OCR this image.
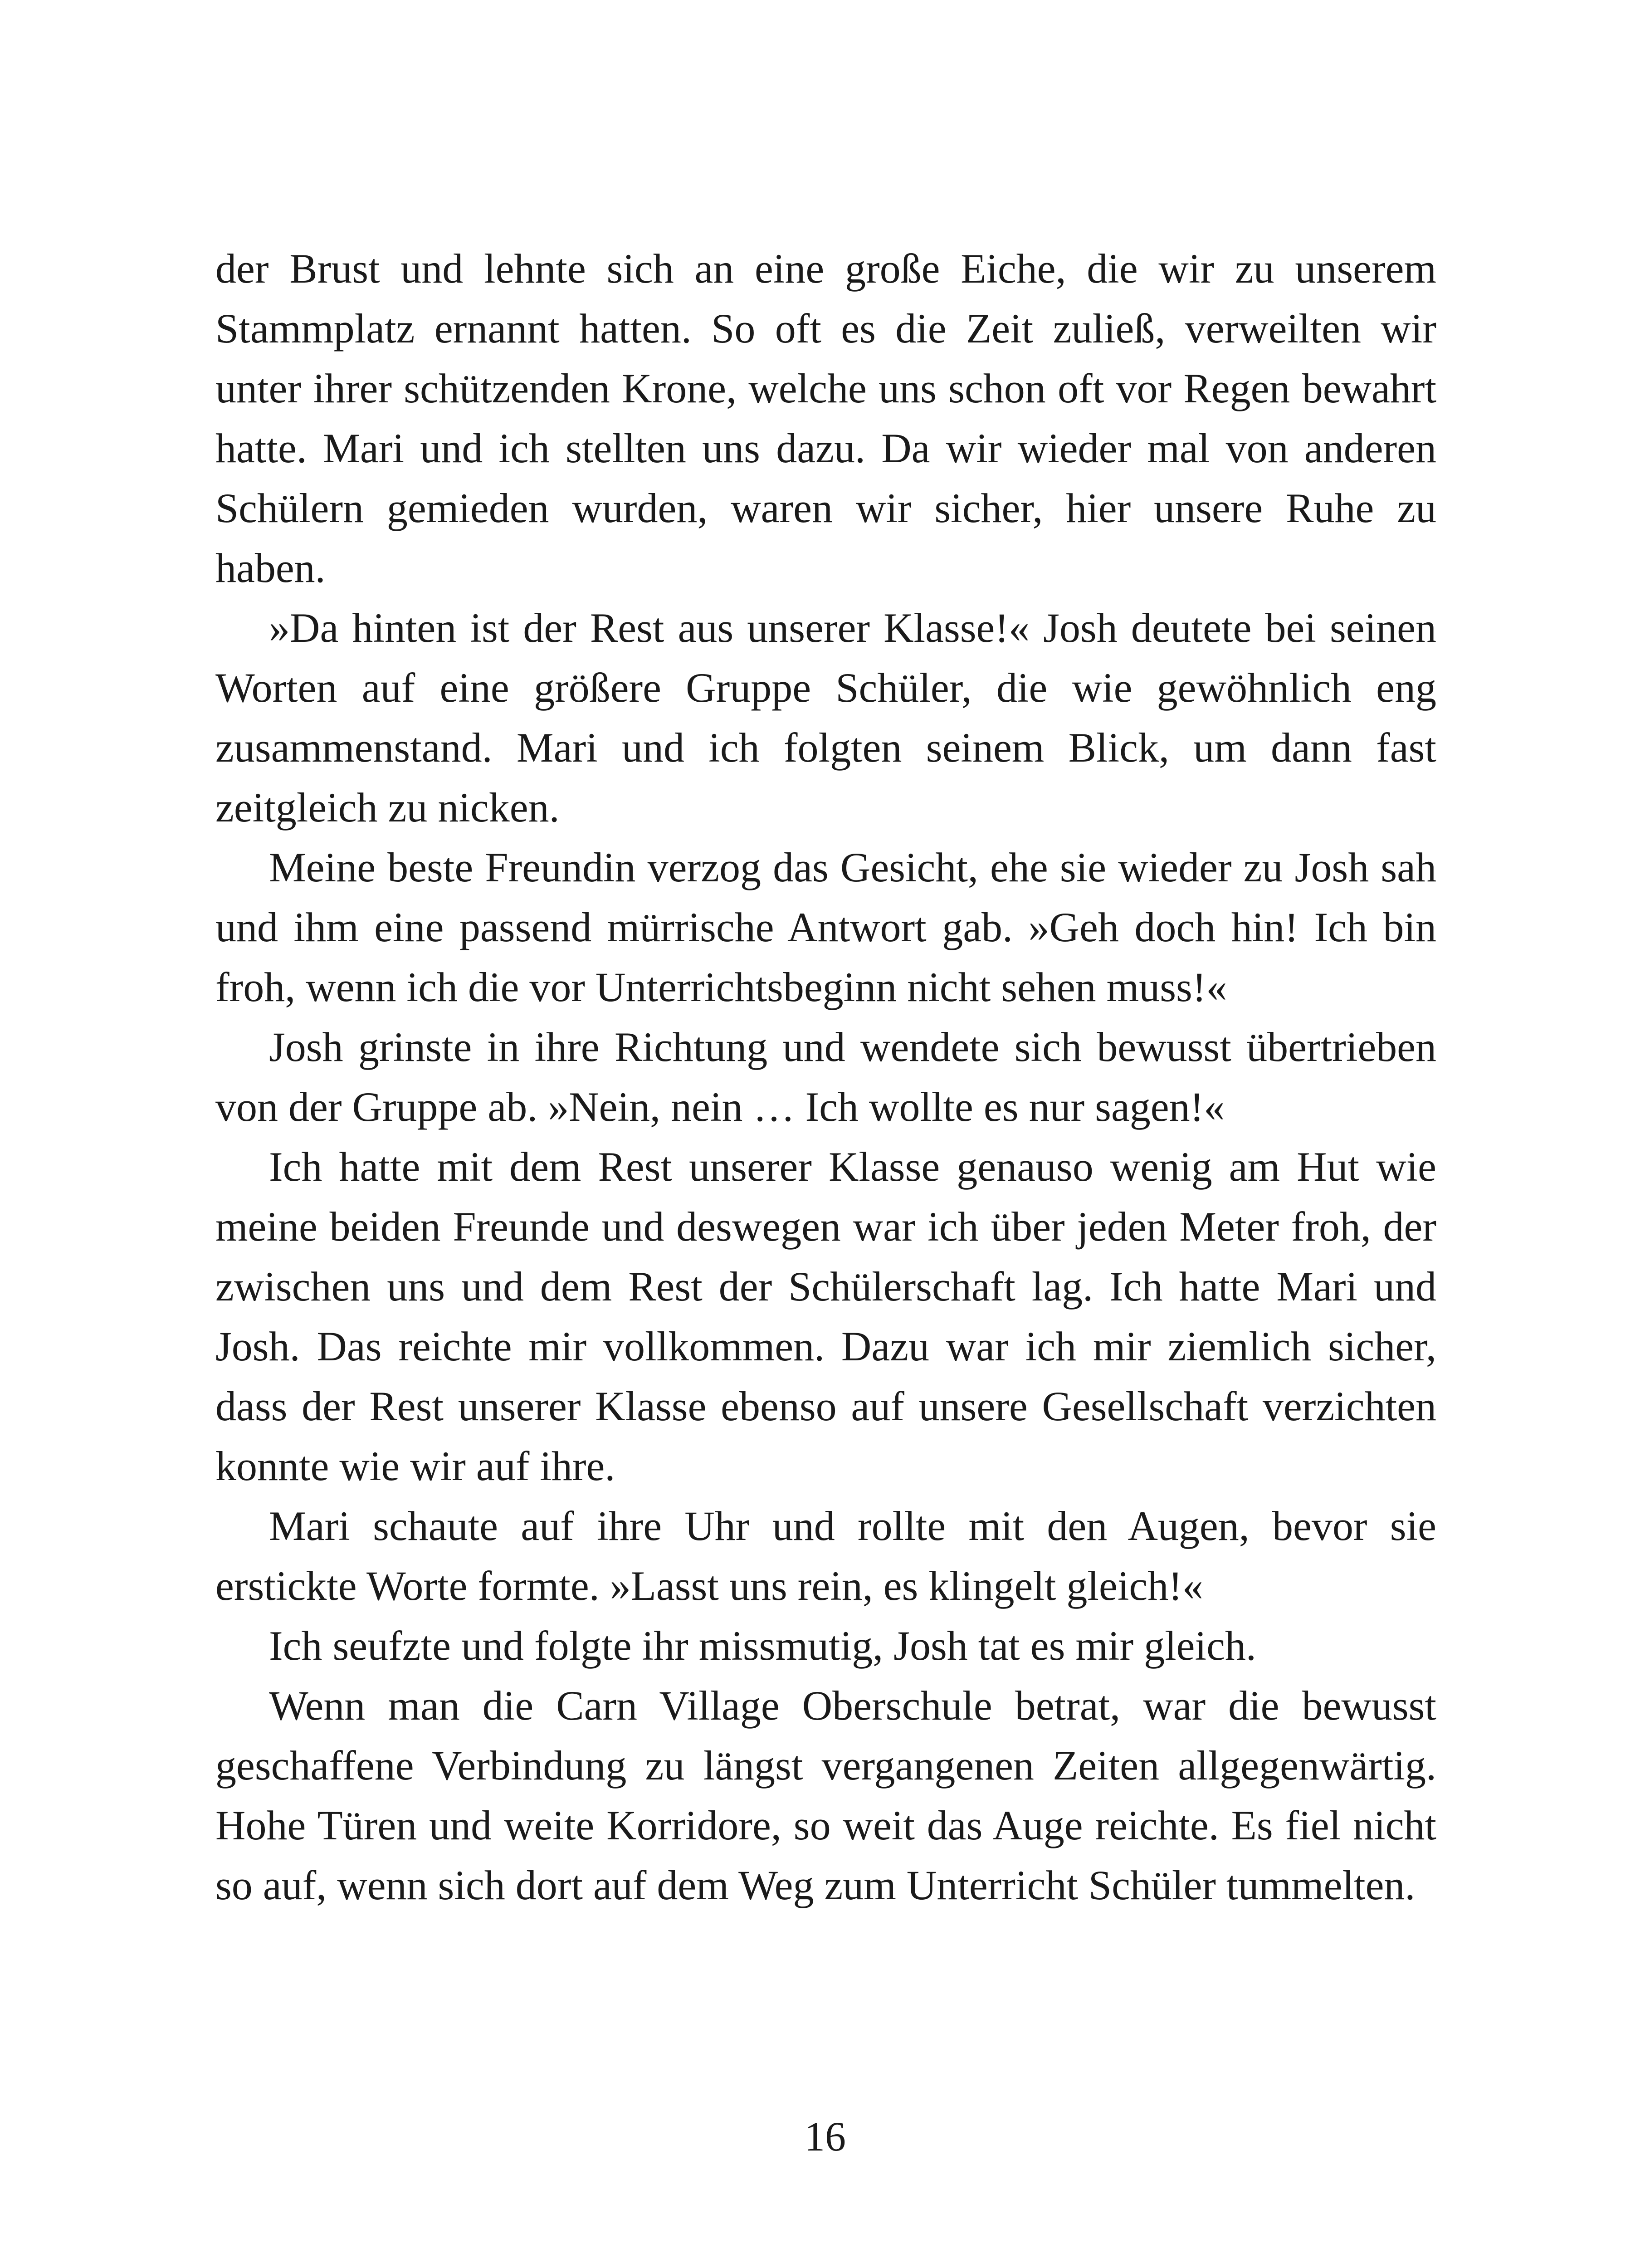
der Brust und lehnte sich an eine große Eiche, die wir zu unserem Stammplatz ernannt hatten. So oft es die Zeit zuließ, verweilten wir unter ihrer schützenden Krone, welche uns schon oft vor Regen bewahrt hatte. Mari und ich stellten uns dazu. Da wir wieder mal von anderen Schülern gemieden wurden, waren wir sicher, hier unsere Ruhe zu haben.

»Da hinten ist der Rest aus unserer Klasse!« Josh deutete bei seinen Worten auf eine größere Gruppe Schüler, die wie gewöhnlich eng zusammenstand. Mari und ich folgten seinem Blick, um dann fast zeitgleich zu nicken.

Meine beste Freundin verzog das Gesicht, ehe sie wieder zu Josh sah und ihm eine passend mürrische Antwort gab. »Geh doch hin! Ich bin froh, wenn ich die vor Unterrichtsbeginn nicht sehen muss!«

Josh grinste in ihre Richtung und wendete sich bewusst übertrieben von der Gruppe ab. »Nein, nein … Ich wollte es nur sagen!«

Ich hatte mit dem Rest unserer Klasse genauso wenig am Hut wie meine beiden Freunde und deswegen war ich über jeden Meter froh, der zwischen uns und dem Rest der Schülerschaft lag. Ich hatte Mari und Josh. Das reichte mir vollkommen. Dazu war ich mir ziemlich sicher, dass der Rest unserer Klasse ebenso auf unsere Gesellschaft verzichten konnte wie wir auf ihre.

Mari schaute auf ihre Uhr und rollte mit den Augen, bevor sie erstickte Worte formte. »Lasst uns rein, es klingelt gleich!«

Ich seufzte und folgte ihr missmutig, Josh tat es mir gleich.

Wenn man die Carn Village Oberschule betrat, war die bewusst geschaffene Verbindung zu längst vergangenen Zeiten allgegenwärtig. Hohe Türen und weite Korridore, so weit das Auge reichte. Es fiel nicht so auf, wenn sich dort auf dem Weg zum Unterricht Schüler tummelten.

16
